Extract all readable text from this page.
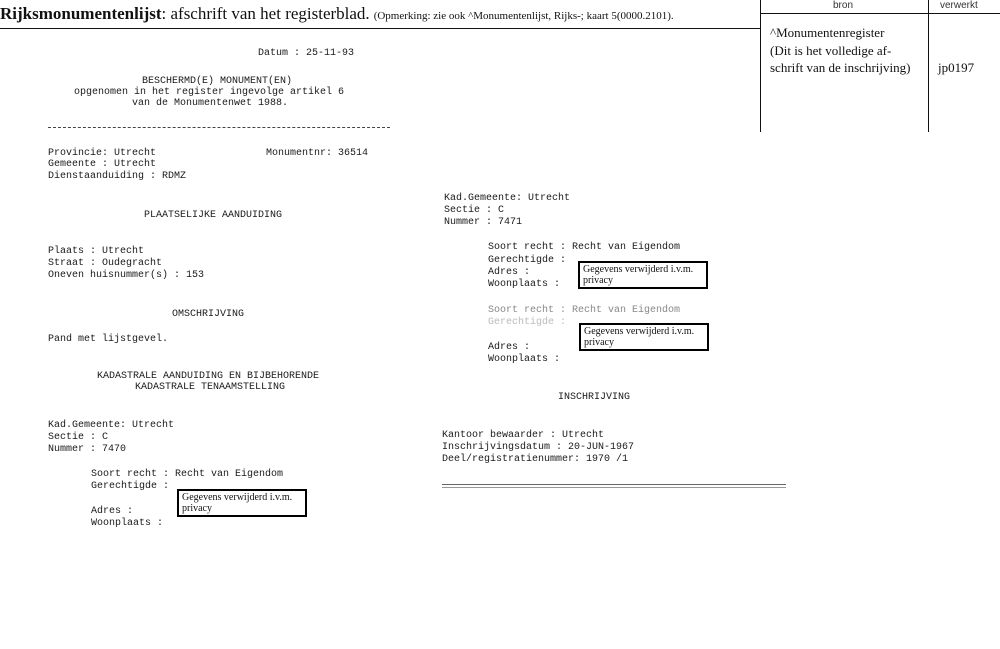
Rijksmonumentenlijst: afschrift van het registerblad. (Opmerking: zie ook ^Monumentenlijst, Rijks-; kaart 5(0000.2101).
bron	verwerkt
^Monumentenregister
(Dit is het volledige af-
schrift van de inschrijving) jp0197
Datum : 25-11-93
BESCHERMD(E) MONUMENT(EN)
opgenomen in het register ingevolge artikel 6
van de Monumentenwet 1988.
Provincie: Utrecht	Monumentnr: 36514
Gemeente : Utrecht
Dienstaanduiding : RDMZ
PLAATSELIJKE AANDUIDING
Plaats : Utrecht
Straat : Oudegracht
Oneven huisnummer(s) : 153
OMSCHRIJVING
Pand met lijstgevel.
KADASTRALE AANDUIDING EN BIJBEHORENDE
KADASTRALE TENAAMSTELLING
Kad.Gemeente: Utrecht
Sectie : C
Nummer : 7470
Soort recht : Recht van Eigendom
Gerechtigde :
Adres :
Woonplaats :
Gegevens verwijderd i.v.m.
privacy
Kad.Gemeente: Utrecht
Sectie : C
Nummer : 7471
Soort recht : Recht van Eigendom
Gerechtigde :
Adres :
Woonplaats :
Gegevens verwijderd i.v.m.
privacy
Soort recht : Recht van Eigendom
Gerechtigde :
Adres :
Woonplaats :
Gegevens verwijderd i.v.m.
privacy
INSCHRIJVING
Kantoor bewaarder : Utrecht
Inschrijvingsdatum : 20-JUN-1967
Deel/registratienummer: 1970 /1
